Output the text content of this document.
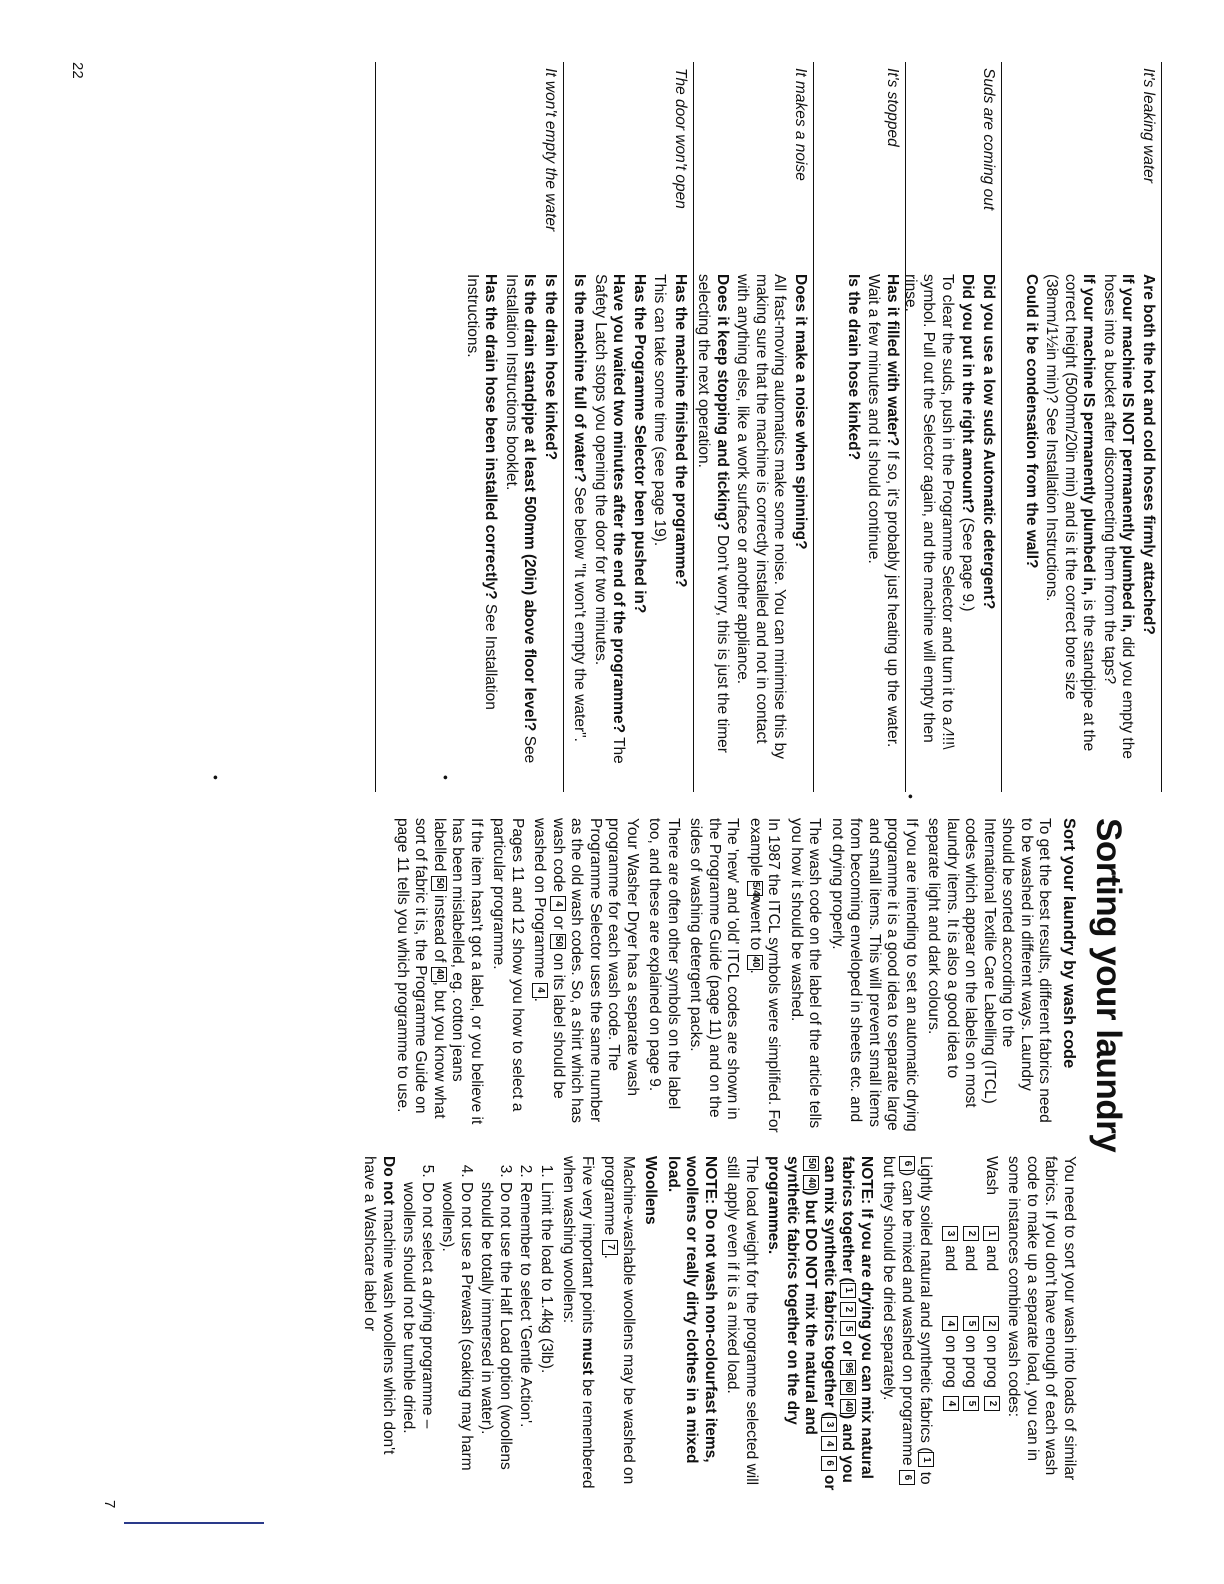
22	It's leaking water

Are both the hot and cold hoses firmly attached?

If your machine IS NOT permanently plumbed in, did you empty the hoses into a bucket after disconnecting them from the taps?

If your machine IS permanently plumbed in, is the standpipe at the correct height (500mm/20in min) and is it the correct bore size (38mm/1½in min)? See Installation Instructions.

Could it be condensation from the wall?

Suds are coming out

Did you use a low suds Automatic detergent?

Did you put in the right amount? (See page 9.)

To clear the suds, push in the Programme Selector and turn it to a ⁄!!!\ symbol. Pull out the Selector again, and the machine will empty then rinse.

It's stopped

Has it filled with water? If so, it's probably just heating up the water. Wait a few minutes and it should continue.

Is the drain hose kinked?

It makes a noise

Does it make a noise when spinning?

All fast-moving automatics make some noise. You can minimise this by making sure that the machine is correctly installed and not in contact with anything else, like a work surface or another appliance.

Does it keep stopping and ticking? Don't worry, this is just the timer selecting the next operation.

The door won't open

Has the machine finished the programme?

This can take some time (see page 19).

Has the Programme Selector been pushed in?

Have you waited two minutes after the end of the programme? The Safety Latch stops you opening the door for two minutes.

Is the machine full of water? See below "It won't empty the water".

It won't empty the water

Is the drain hose kinked?

Is the drain standpipe at least 500mm (20in) above floor level? See Installation Instructions booklet.

Has the drain hose been installed correctly? See Installation Instructions.

•
•
•
Sorting your laundry

Sort your laundry by wash code

To get the best results, different fabrics need to be washed in different ways. Laundry should be sorted according to the International Textile Care Labelling (ITCL) codes which appear on the labels on most laundry items. It is also a good idea to separate light and dark colours.

If you are intending to set an automatic drying programme it is a good idea to separate large and small items. This will prevent small items from becoming enveloped in sheets etc. and not drying properly.

The wash code on the label of the article tells you how it should be washed.

In 1987 the ITCL symbols were simplified. For example 5/40 went to 40.

The 'new' and 'old' ITCL codes are shown in the Programme Guide (page 11) and on the sides of washing detergent packs.

There are often other symbols on the label too, and these are explained on page 9.

Your Washer Dryer has a separate wash programme for each wash code. The Programme Selector uses the same number as the old wash codes. So, a shirt which has wash code 4 or 50 on its label should be washed on Programme 4.

Pages 11 and 12 show you how to select a particular programme.

If the item hasn't got a label, or you believe it has been mislabelled, eg. cotton jeans labelled 50 instead of 40, but you know what sort of fabric it is, the Programme Guide on page 11 tells you which programme to use.

You need to sort your wash into loads of similar fabrics. If you don't have enough of each wash code to make up a separate load, you can in some instances combine wash codes:

Wash
1 and
2 on prog
2
2 and
5 on prog
5
3 and
4 on prog
4

Lightly soiled natural and synthetic fabrics (1 to 6) can be mixed and washed on programme 6 but they should be dried separately.

NOTE: If you are drying you can mix natural fabrics together (1 2 5 or 95 60 40) and you can mix synthetic fabrics together (3 4 6 or 50 40) but DO NOT mix the natural and synthetic fabrics together on the dry programmes.

The load weight for the programme selected will still apply even if it is a mixed load.

NOTE: Do not wash non-colourfast items, woollens or really dirty clothes in a mixed load.

Woollens

Machine-washable woollens may be washed on programme 7.

Five very important points must be remembered when washing woollens:

1. Limit the load to 1.4kg (3lb).
2. Remember to select 'Gentle Action'.
3. Do not use the Half Load option (woollens should be totally immersed in water).
4. Do not use a Prewash (soaking may harm woollens).
5. Do not select a drying programme – woollens should not be tumble dried.

Do not machine wash woollens which don't have a Washcare label or

7
